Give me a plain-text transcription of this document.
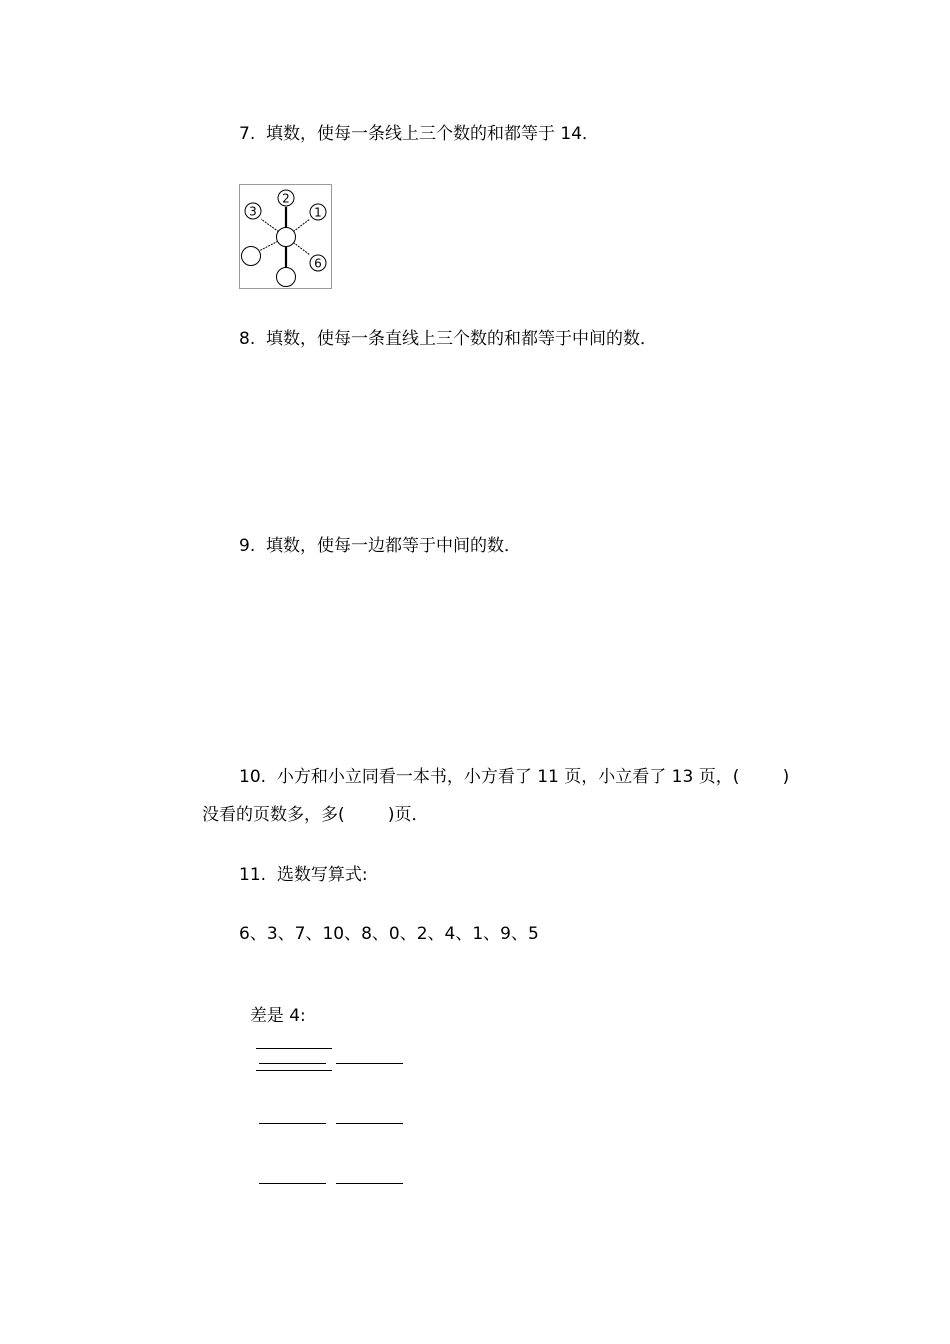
7.  填数，使每一条线上三个数的和都等于 14．
2
3	1
6
8.  填数，使每一条直线上三个数的和都等于中间的数．
9.  填数，使每一边都等于中间的数．
10.  小方和小立同看一本书，小方看了 11 页，小立看了 13 页，(        )
没看的页数多，多(        )页．
11.  选数写算式:
6、3、7、10、8、0、2、4、1、9、5

差是 4:
